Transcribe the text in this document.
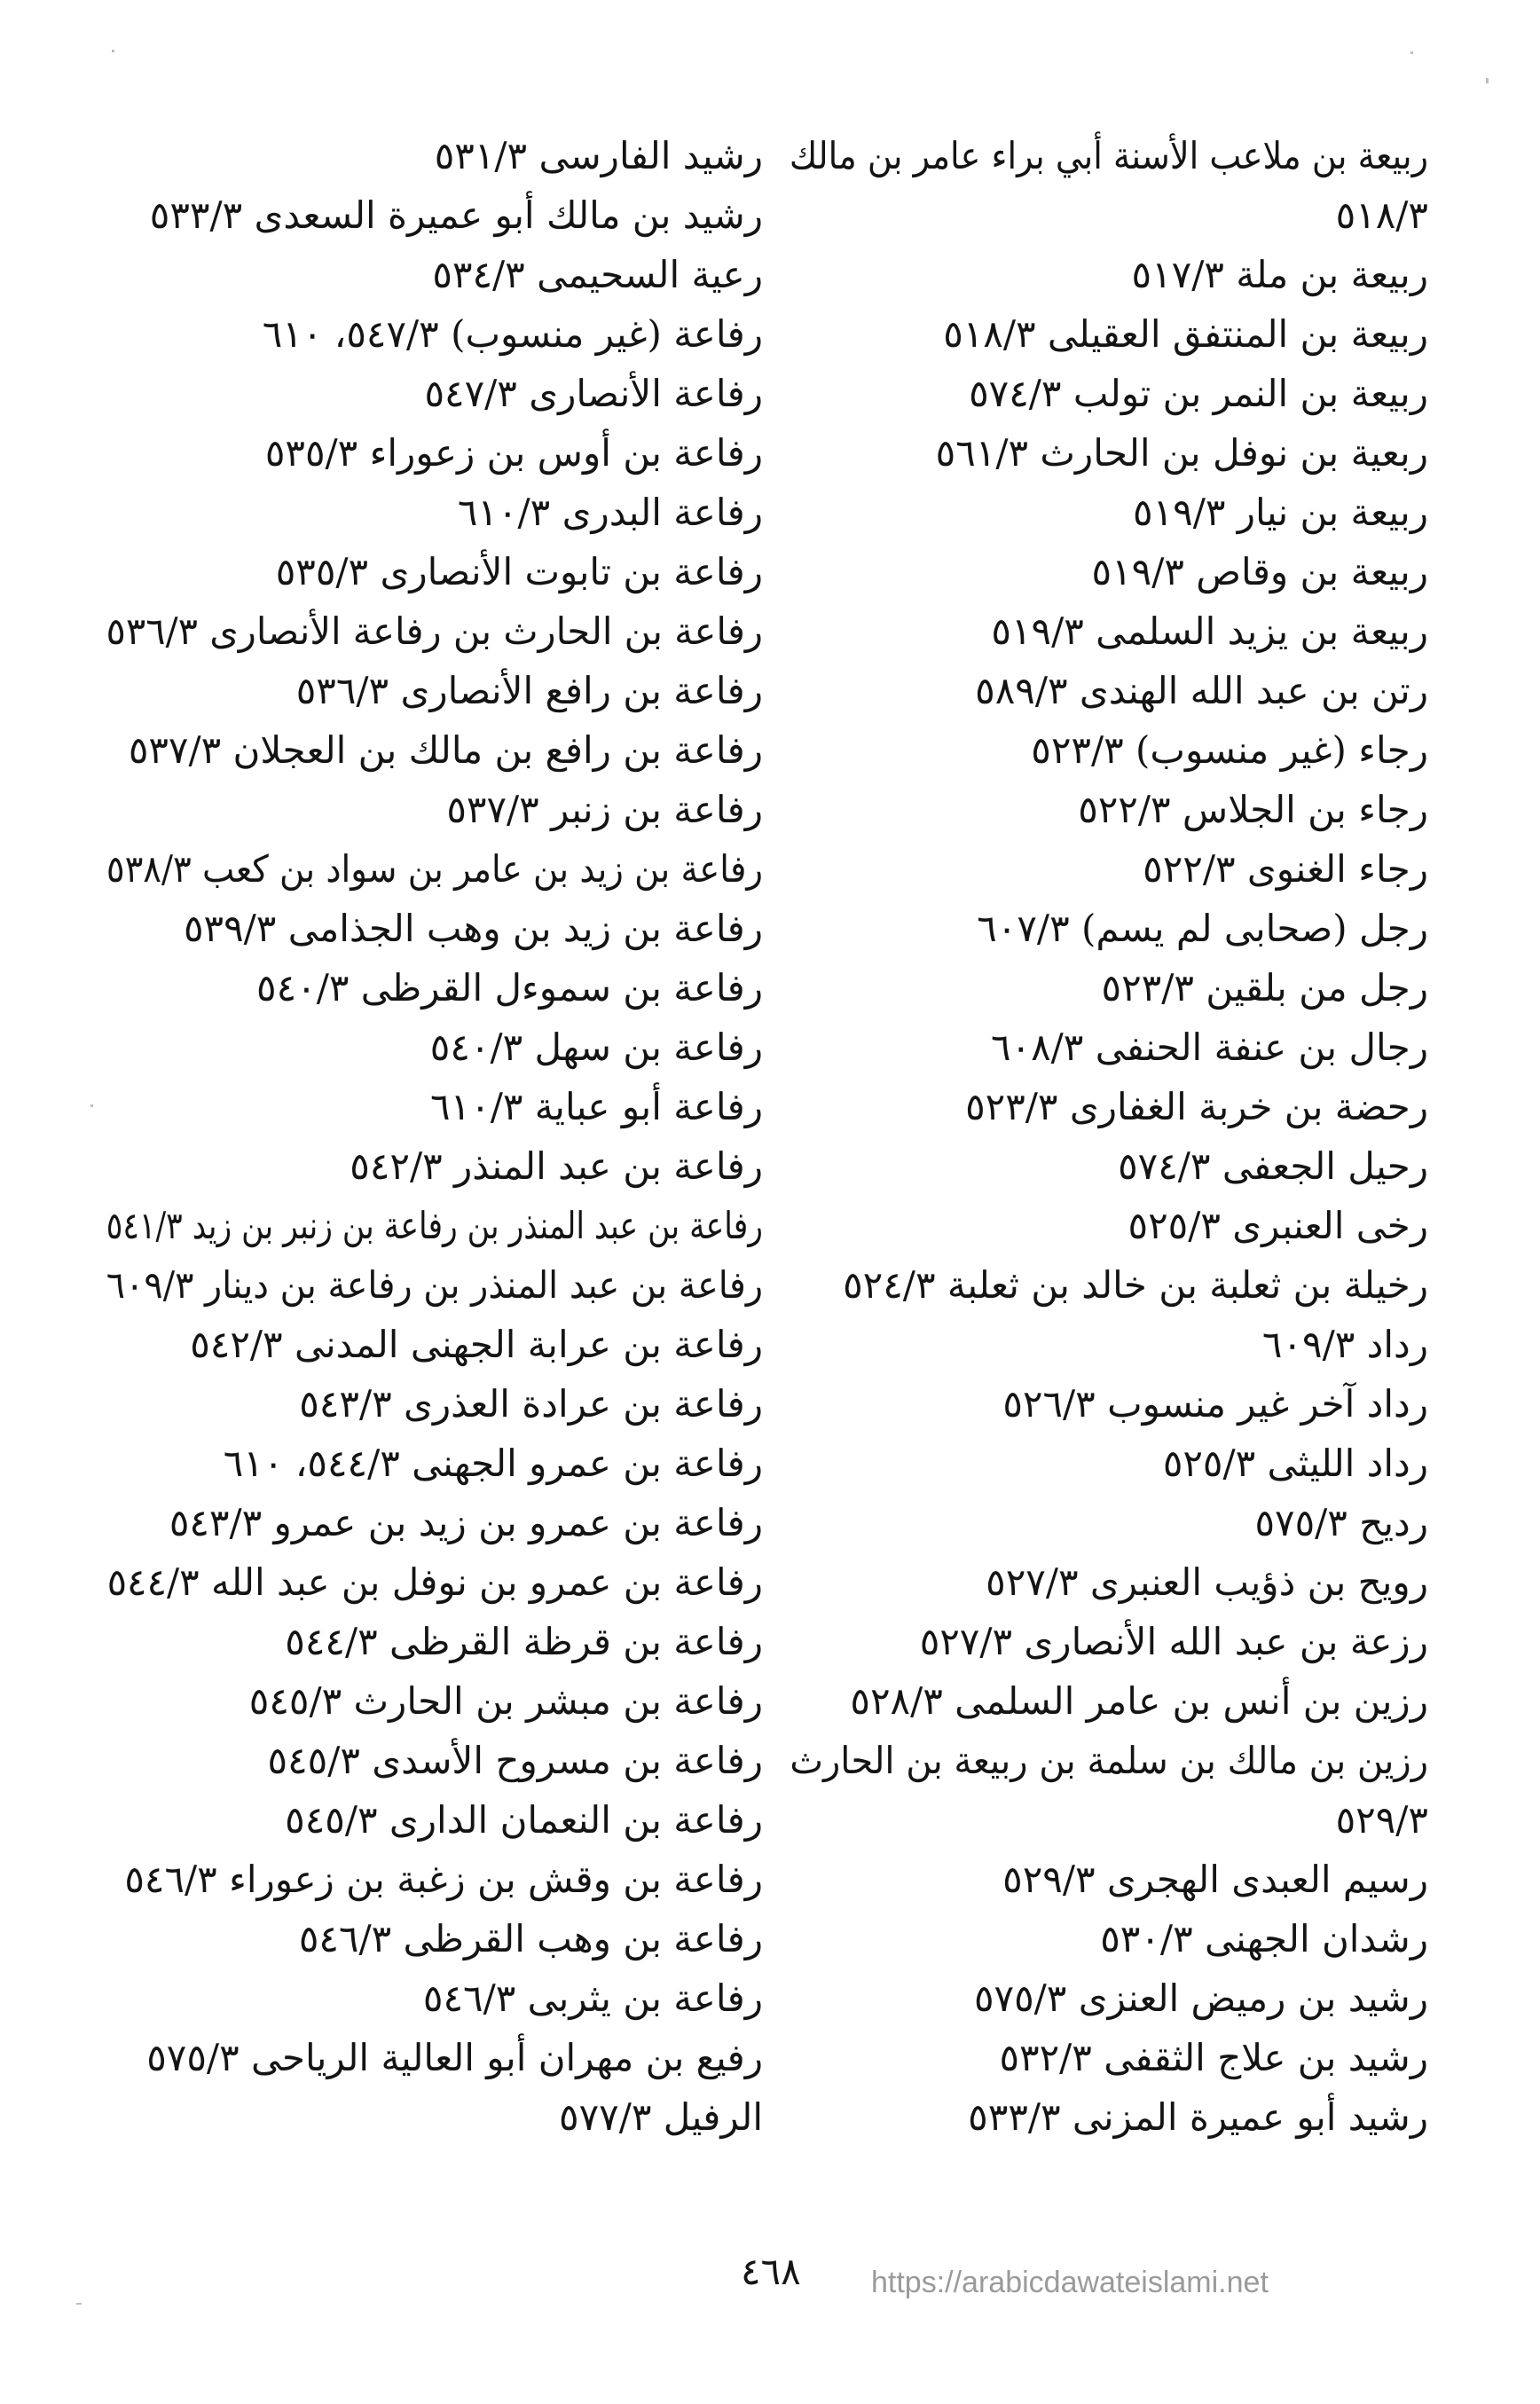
ربيعة بن ملاعب الأسنة أبي براء عامر بن مالك
٥١٨/٣
ربيعة بن ملة ٥١٧/٣
ربيعة بن المنتفق العقيلى ٥١٨/٣
ربيعة بن النمر بن تولب ٥٧٤/٣
ربعية بن نوفل بن الحارث ٥٦١/٣
ربيعة بن نيار ٥١٩/٣
ربيعة بن وقاص ٥١٩/٣
ربيعة بن يزيد السلمى ٥١٩/٣
رتن بن عبد الله الهندى ٥٨٩/٣
رجاء (غير منسوب) ٥٢٣/٣
رجاء بن الجلاس ٥٢٢/٣
رجاء الغنوى ٥٢٢/٣
رجل (صحابى لم يسم) ٦٠٧/٣
رجل من بلقين ٥٢٣/٣
رجال بن عنفة الحنفى ٦٠٨/٣
رحضة بن خربة الغفارى ٥٢٣/٣
رحيل الجعفى ٥٧٤/٣
رخى العنبرى ٥٢٥/٣
رخيلة بن ثعلبة بن خالد بن ثعلبة ٥٢٤/٣
رداد ٦٠٩/٣
رداد آخر غير منسوب ٥٢٦/٣
رداد الليثى ٥٢٥/٣
رديح ٥٧٥/٣
رويح بن ذؤيب العنبرى ٥٢٧/٣
رزعة بن عبد الله الأنصارى ٥٢٧/٣
رزين بن أنس بن عامر السلمى ٥٢٨/٣
رزين بن مالك بن سلمة بن ربيعة بن الحارث
٥٢٩/٣
رسيم العبدى الهجرى ٥٢٩/٣
رشدان الجهنى ٥٣٠/٣
رشيد بن رميض العنزى ٥٧٥/٣
رشيد بن علاج الثقفى ٥٣٢/٣
رشيد أبو عميرة المزنى ٥٣٣/٣
رشيد الفارسى ٥٣١/٣
رشيد بن مالك أبو عميرة السعدى ٥٣٣/٣
رعية السحيمى ٥٣٤/٣
رفاعة (غير منسوب) ٥٤٧/٣، ٦١٠
رفاعة الأنصارى ٥٤٧/٣
رفاعة بن أوس بن زعوراء ٥٣٥/٣
رفاعة البدرى ٦١٠/٣
رفاعة بن تابوت الأنصارى ٥٣٥/٣
رفاعة بن الحارث بن رفاعة الأنصارى ٥٣٦/٣
رفاعة بن رافع الأنصارى ٥٣٦/٣
رفاعة بن رافع بن مالك بن العجلان ٥٣٧/٣
رفاعة بن زنبر ٥٣٧/٣
رفاعة بن زيد بن عامر بن سواد بن كعب ٥٣٨/٣
رفاعة بن زيد بن وهب الجذامى ٥٣٩/٣
رفاعة بن سموءل القرظى ٥٤٠/٣
رفاعة بن سهل ٥٤٠/٣
رفاعة أبو عباية ٦١٠/٣
رفاعة بن عبد المنذر ٥٤٢/٣
رفاعة بن عبد المنذر بن رفاعة بن زنبر بن زيد ٥٤١/٣
رفاعة بن عبد المنذر بن رفاعة بن دينار ٦٠٩/٣
رفاعة بن عرابة الجهنى المدنى ٥٤٢/٣
رفاعة بن عرادة العذرى ٥٤٣/٣
رفاعة بن عمرو الجهنى ٥٤٤/٣، ٦١٠
رفاعة بن عمرو بن زيد بن عمرو ٥٤٣/٣
رفاعة بن عمرو بن نوفل بن عبد الله ٥٤٤/٣
رفاعة بن قرظة القرظى ٥٤٤/٣
رفاعة بن مبشر بن الحارث ٥٤٥/٣
رفاعة بن مسروح الأسدى ٥٤٥/٣
رفاعة بن النعمان الدارى ٥٤٥/٣
رفاعة بن وقش بن زغبة بن زعوراء ٥٤٦/٣
رفاعة بن وهب القرظى ٥٤٦/٣
رفاعة بن يثربى ٥٤٦/٣
رفيع بن مهران أبو العالية الرياحى ٥٧٥/٣
الرفيل ٥٧٧/٣
٤٦٨ https://arabicdawateislami.net
